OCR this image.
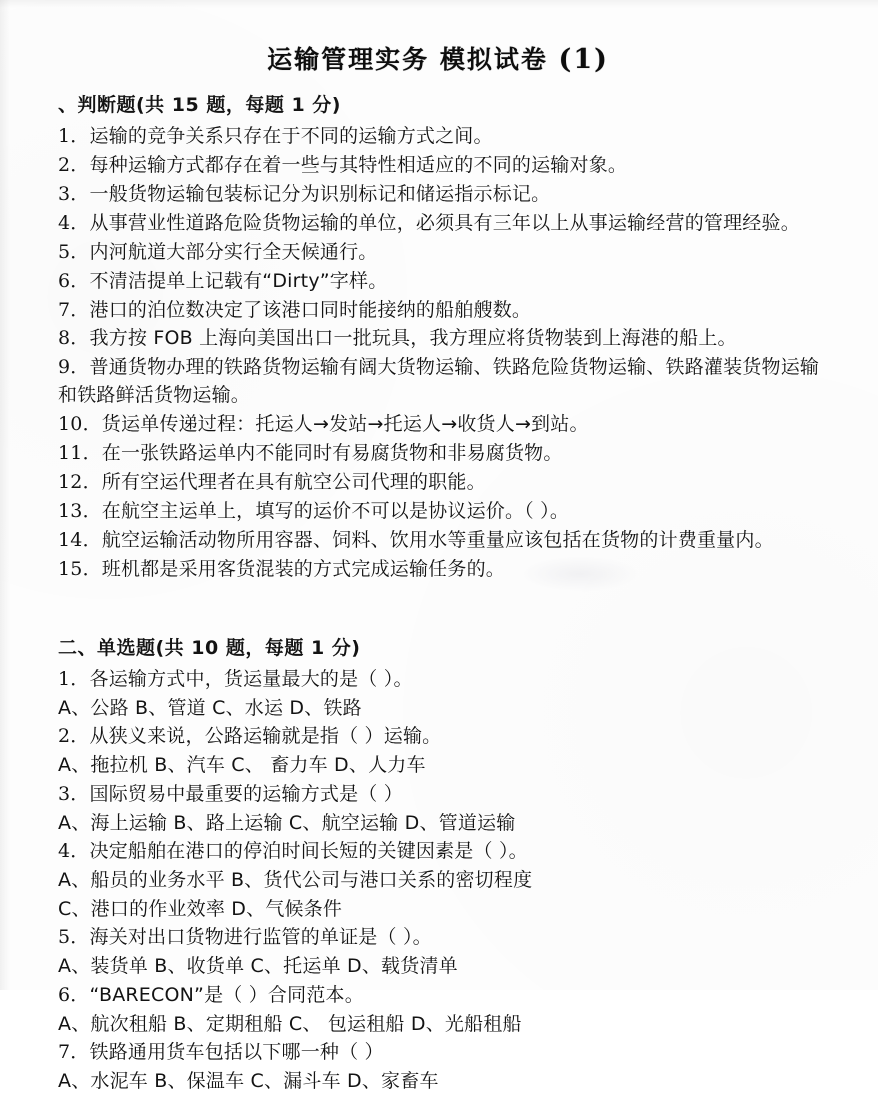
运输管理实务 模拟试卷 (1)
、判断题(共 15 题，每题 1 分)
1．运输的竞争关系只存在于不同的运输方式之间。
2．每种运输方式都存在着一些与其特性相适应的不同的运输对象。
3．一般货物运输包装标记分为识别标记和储运指示标记。
4．从事营业性道路危险货物运输的单位，必须具有三年以上从事运输经营的管理经验。
5．内河航道大部分实行全天候通行。
6．不清洁提单上记载有“Dirty”字样。
7．港口的泊位数决定了该港口同时能接纳的船舶艘数。
8．我方按 FOB 上海向美国出口一批玩具，我方理应将货物装到上海港的船上。
9．普通货物办理的铁路货物运输有阔大货物运输、铁路危险货物运输、铁路灌装货物运输和铁路鲜活货物运输。
10．货运单传递过程：托运人→发站→托运人→收货人→到站。
11．在一张铁路运单内不能同时有易腐货物和非易腐货物。
12．所有空运代理者在具有航空公司代理的职能。
13．在航空主运单上，填写的运价不可以是协议运价。（ ）。
14．航空运输活动物所用容器、饲料、饮用水等重量应该包括在货物的计费重量内。
15．班机都是采用客货混装的方式完成运输任务的。
二、单选题(共 10 题，每题 1 分)
1．各运输方式中，货运量最大的是（ ）。
A、公路 B、管道 C、水运 D、铁路
2．从狭义来说，公路运输就是指（ ）运输。
A、拖拉机 B、汽车 C、 畜力车 D、人力车
3．国际贸易中最重要的运输方式是（ ）
A、海上运输 B、路上运输 C、航空运输 D、管道运输
4．决定船舶在港口的停泊时间长短的关键因素是（ ）。
A、船员的业务水平 B、货代公司与港口关系的密切程度
C、港口的作业效率 D、气候条件
5．海关对出口货物进行监管的单证是（ ）。
A、装货单 B、收货单 C、托运单 D、载货清单
6．“BARECON”是（ ）合同范本。
A、航次租船 B、定期租船 C、 包运租船 D、光船租船
7．铁路通用货车包括以下哪一种（ ）
A、水泥车 B、保温车 C、漏斗车 D、家畜车
